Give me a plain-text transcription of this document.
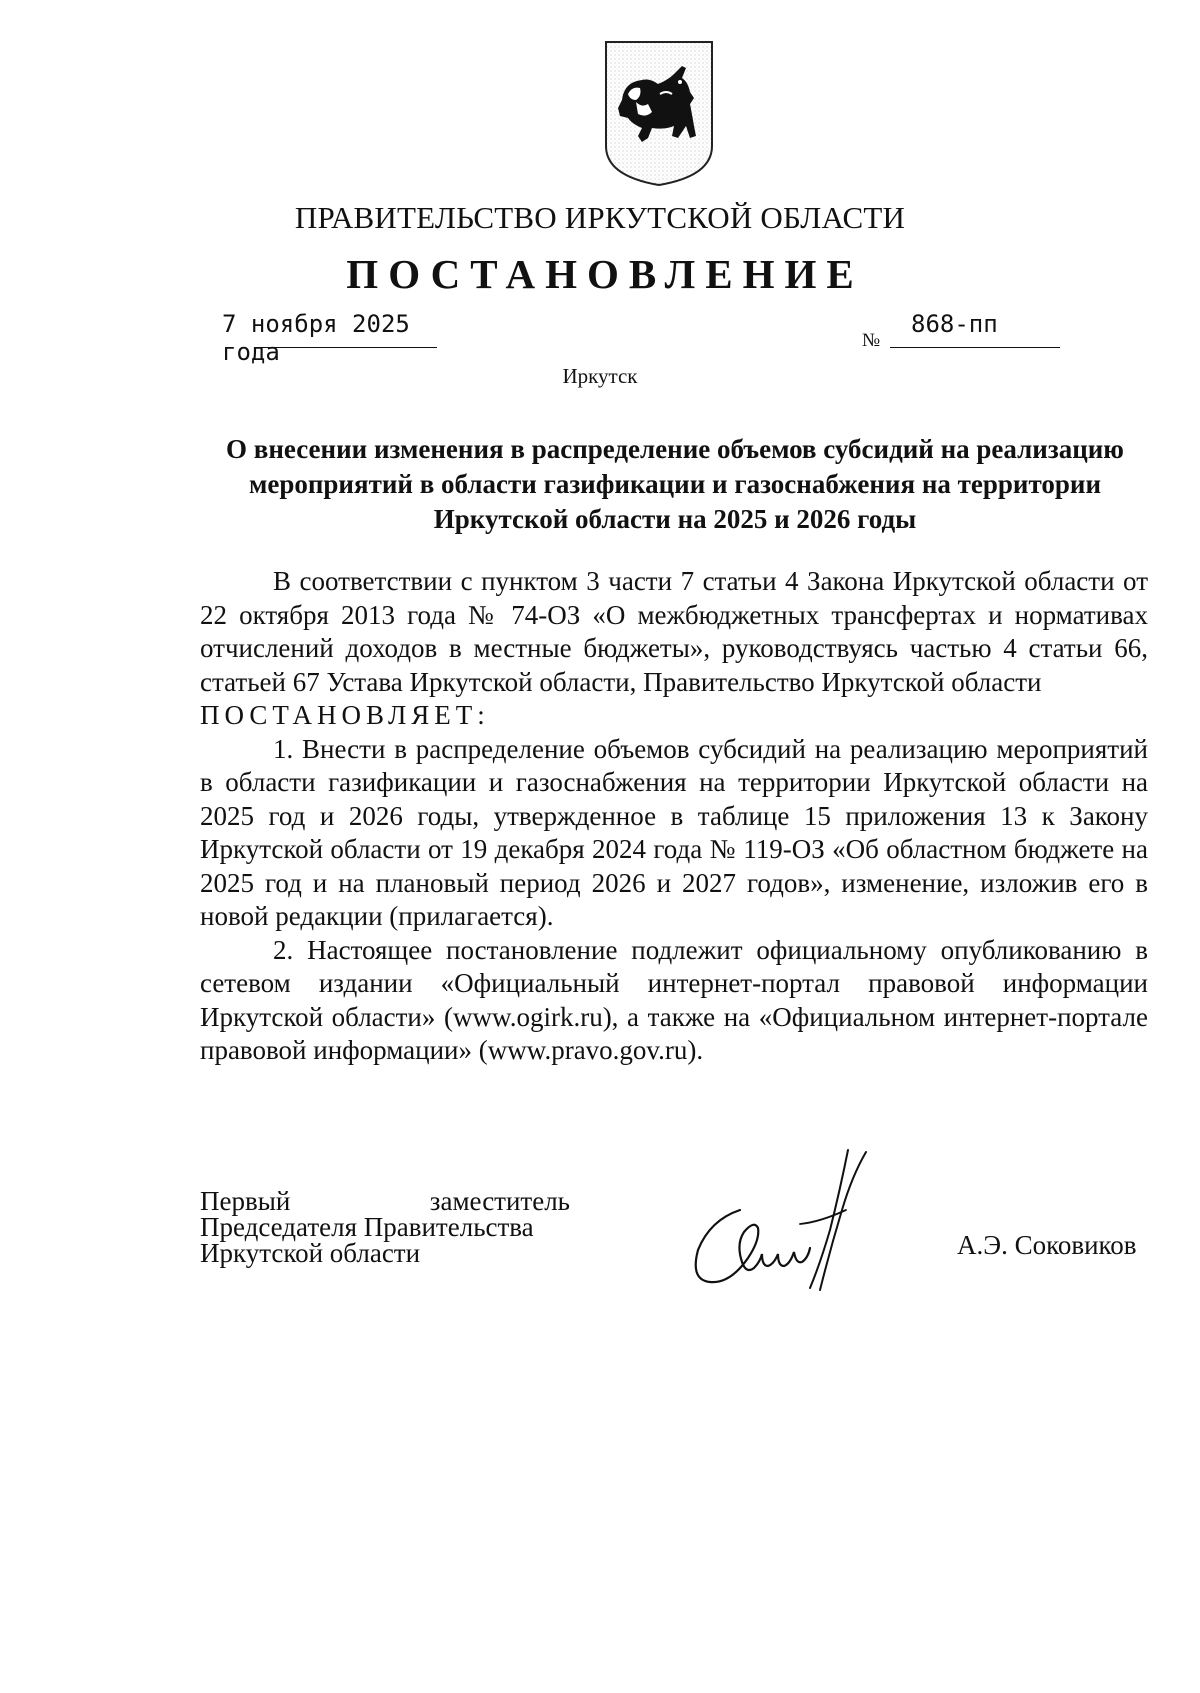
ПРАВИТЕЛЬСТВО ИРКУТСКОЙ ОБЛАСТИ
ПОСТАНОВЛЕНИЕ
7 ноября 2025 года	№
868-пп
Иркутск
О внесении изменения в распределение объемов субсидий на реализацию
мероприятий в области газификации и газоснабжения на территории
Иркутской области на 2025 и 2026 годы

В соответствии с пунктом 3 части 7 статьи 4 Закона Иркутской области от 22 октября 2013 года № 74-ОЗ «О межбюджетных трансфертах и нормативах отчислений доходов в местные бюджеты», руководствуясь частью 4 статьи 66, статьей 67 Устава Иркутской области, Правительство Иркутской области

ПОСТАНОВЛЯЕТ:

1. Внести в распределение объемов субсидий на реализацию мероприятий в области газификации и газоснабжения на территории Иркутской области на 2025 год и 2026 годы, утвержденное в таблице 15 приложения 13 к Закону Иркутской области от 19 декабря 2024 года № 119-ОЗ «Об областном бюджете на 2025 год и на плановый период 2026 и 2027 годов», изменение, изложив его в новой редакции (прилагается).

2. Настоящее постановление подлежит официальному опубликованию в сетевом издании «Официальный интернет-портал правовой информации Иркутской области» (www.ogirk.ru), а также на «Официальном интернет-портале правовой информации» (www.pravo.gov.ru).

Первый	заместитель
Председателя Правительства
Иркутской области	А.Э. Соковиков
